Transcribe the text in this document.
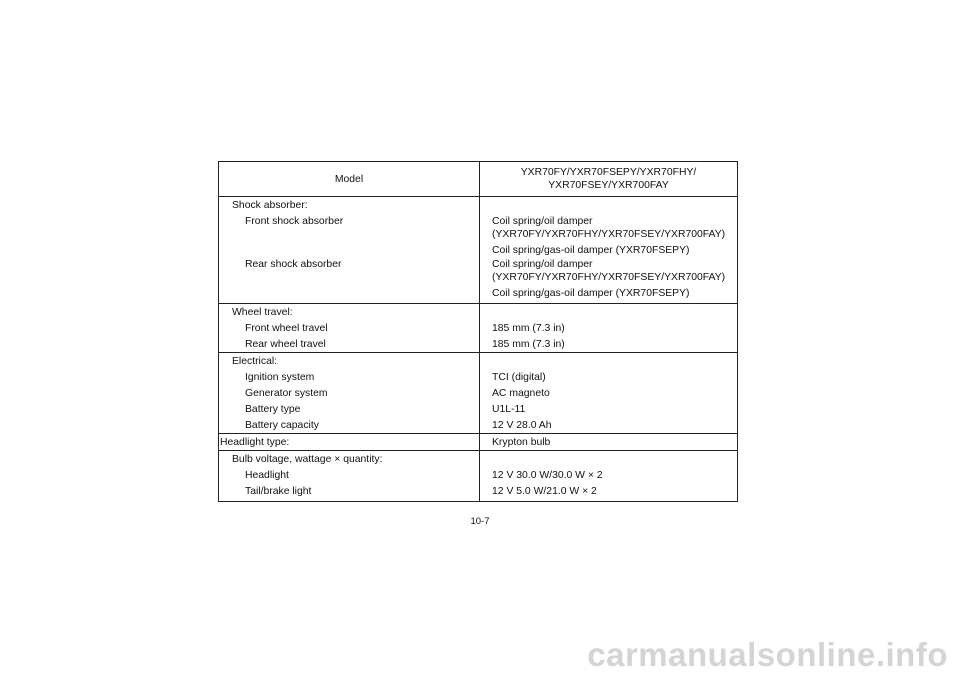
Model
YXR70FY/YXR70FSEPY/YXR70FHY/
YXR70FSEY/YXR700FAY
Shock absorber:
Front shock absorber	Coil spring/oil damper
(YXR70FY/YXR70FHY/YXR70FSEY/YXR700FAY)
Coil spring/gas-oil damper (YXR70FSEPY)
Rear shock absorber	Coil spring/oil damper
(YXR70FY/YXR70FHY/YXR70FSEY/YXR700FAY)
Coil spring/gas-oil damper (YXR70FSEPY)
Wheel travel:
Front wheel travel	185 mm (7.3 in)
Rear wheel travel	185 mm (7.3 in)
Electrical:
Ignition system	TCI (digital)
Generator system	AC magneto
Battery type	U1L-11
Battery capacity	12 V 28.0 Ah
Headlight type:	Krypton bulb
Bulb voltage, wattage × quantity:
Headlight	12 V 30.0 W/30.0 W × 2
Tail/brake light	12 V 5.0 W/21.0 W × 2
10-7
carmanualsonline.info
